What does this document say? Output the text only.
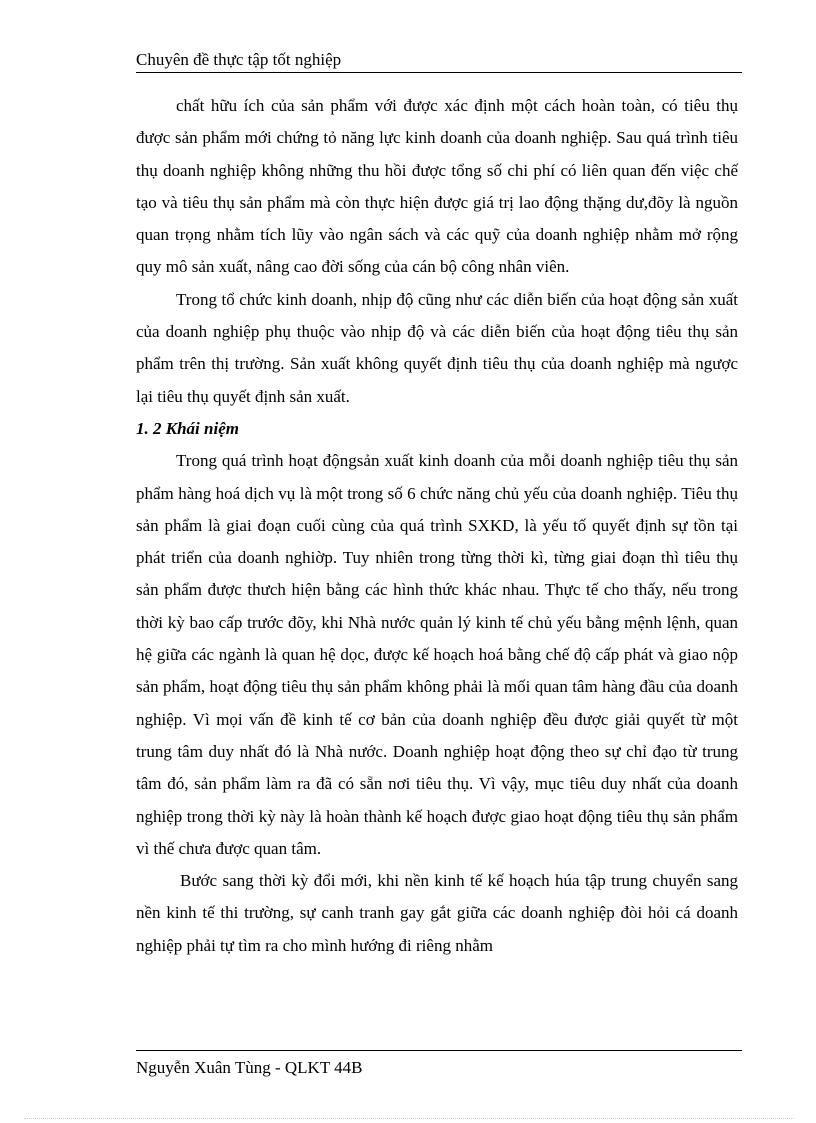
Chuyên đề thực tập tốt nghiệp

chất hữu ích của sản phẩm với được xác định một cách hoàn toàn, có tiêu thụ được sản phẩm mới chứng tỏ năng lực kinh doanh của doanh nghiệp. Sau quá trình tiêu thụ doanh nghiệp không những thu hồi được tổng số chi phí có liên quan đến việc chế tạo và tiêu thụ sản phẩm mà còn thực hiện được giá trị lao động thặng dư,đõy là nguồn quan trọng nhằm tích lũy vào ngân sách và các quỹ của doanh nghiệp nhằm mở rộng quy mô sản xuất, nâng cao đời sống của cán bộ công nhân viên.

Trong tổ chức kinh doanh, nhịp độ cũng như các diễn biến của hoạt động sản xuất của doanh nghiệp phụ thuộc vào nhịp độ và các diễn biến của hoạt động tiêu thụ sản phẩm trên thị trường. Sản xuất không quyết định tiêu thụ của doanh nghiệp mà ngược lại tiêu thụ quyết định sản xuất.

1. 2 Khái niệm

Trong quá trình hoạt độngsản xuất kinh doanh của mỗi doanh nghiệp tiêu thụ sản phẩm hàng hoá dịch vụ là một trong số 6 chức năng chủ yếu của doanh nghiệp. Tiêu thụ sản phẩm là giai đoạn cuối cùng của quá trình SXKD, là yếu tố quyết định sự tồn tại phát triển của doanh nghiờp. Tuy nhiên trong từng thời kì, từng giai đoạn thì tiêu thụ sản phẩm được thưch hiện bằng các hình thức khác nhau. Thực tế cho thấy, nếu trong thời kỳ bao cấp trước đõy, khi Nhà nước quản lý kinh tế chủ yếu bằng mệnh lệnh, quan hệ giữa các ngành là quan hệ dọc, được kế hoạch hoá bằng chế độ cấp phát và giao nộp sản phẩm, hoạt động tiêu thụ sản phẩm không phải là mối quan tâm hàng đầu của doanh nghiệp. Vì mọi vấn đề kinh tế cơ bản của doanh nghiệp đều được giải quyết từ một trung tâm duy nhất đó là Nhà nước. Doanh nghiệp hoạt động theo sự chỉ đạo từ trung tâm đó, sản phẩm làm ra đã có sẵn nơi tiêu thụ. Vì vậy, mục tiêu duy nhất của doanh nghiệp trong thời kỳ này là hoàn thành kế hoạch được giao hoạt động tiêu thụ sản phẩm vì thế chưa được quan tâm.

Bước sang thời kỳ đổi mới, khi nền kinh tế kế hoạch húa tập trung chuyển sang nền kinh tế thi trường, sự canh tranh gay gắt giữa các doanh nghiệp đòi hỏi cá doanh nghiệp phải tự tìm ra cho mình hướng đi riêng nhằm

Nguyễn Xuân Tùng - QLKT 44B
